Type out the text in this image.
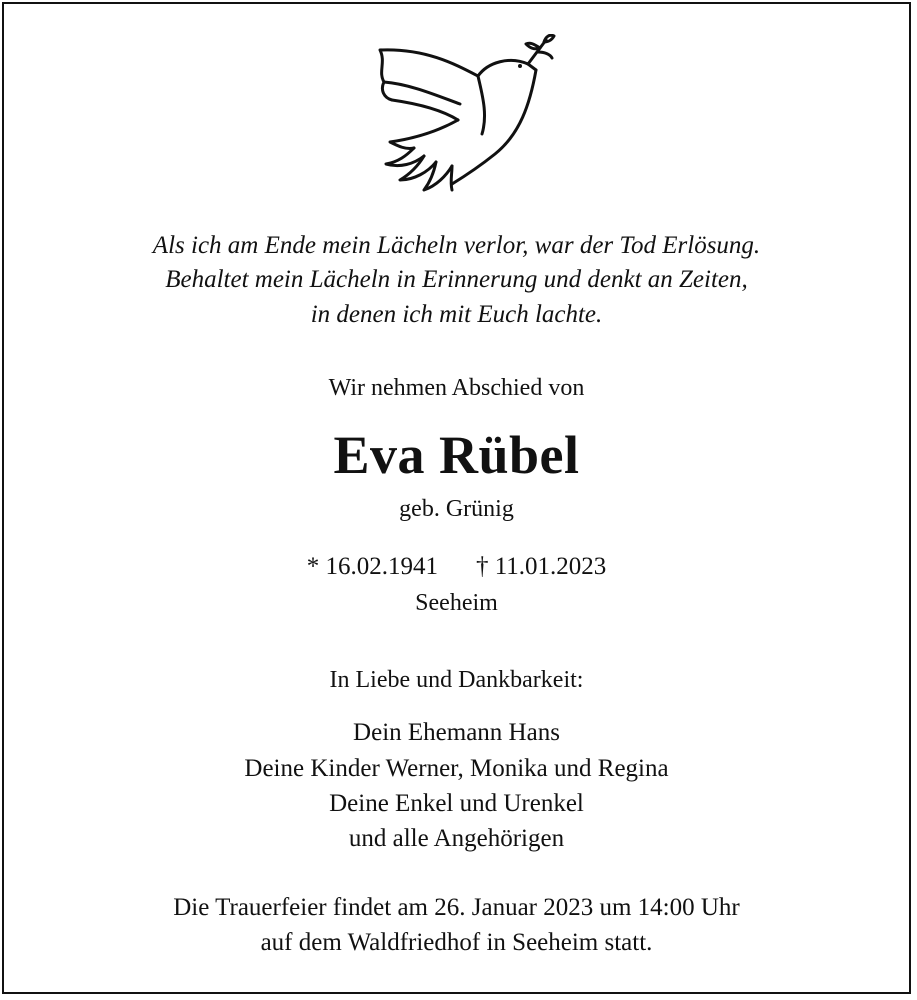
Als ich am Ende mein Lächeln verlor, war der Tod Erlösung.
Behaltet mein Lächeln in Erinnerung und denkt an Zeiten,
in denen ich mit Euch lachte.
Wir nehmen Abschied von
Eva Rübel
geb. Grünig
* 16.02.1941 † 11.01.2023
Seeheim
In Liebe und Dankbarkeit:
Dein Ehemann Hans
Deine Kinder Werner, Monika und Regina
Deine Enkel und Urenkel
und alle Angehörigen
Die Trauerfeier findet am 26. Januar 2023 um 14:00 Uhr
auf dem Waldfriedhof in Seeheim statt.
